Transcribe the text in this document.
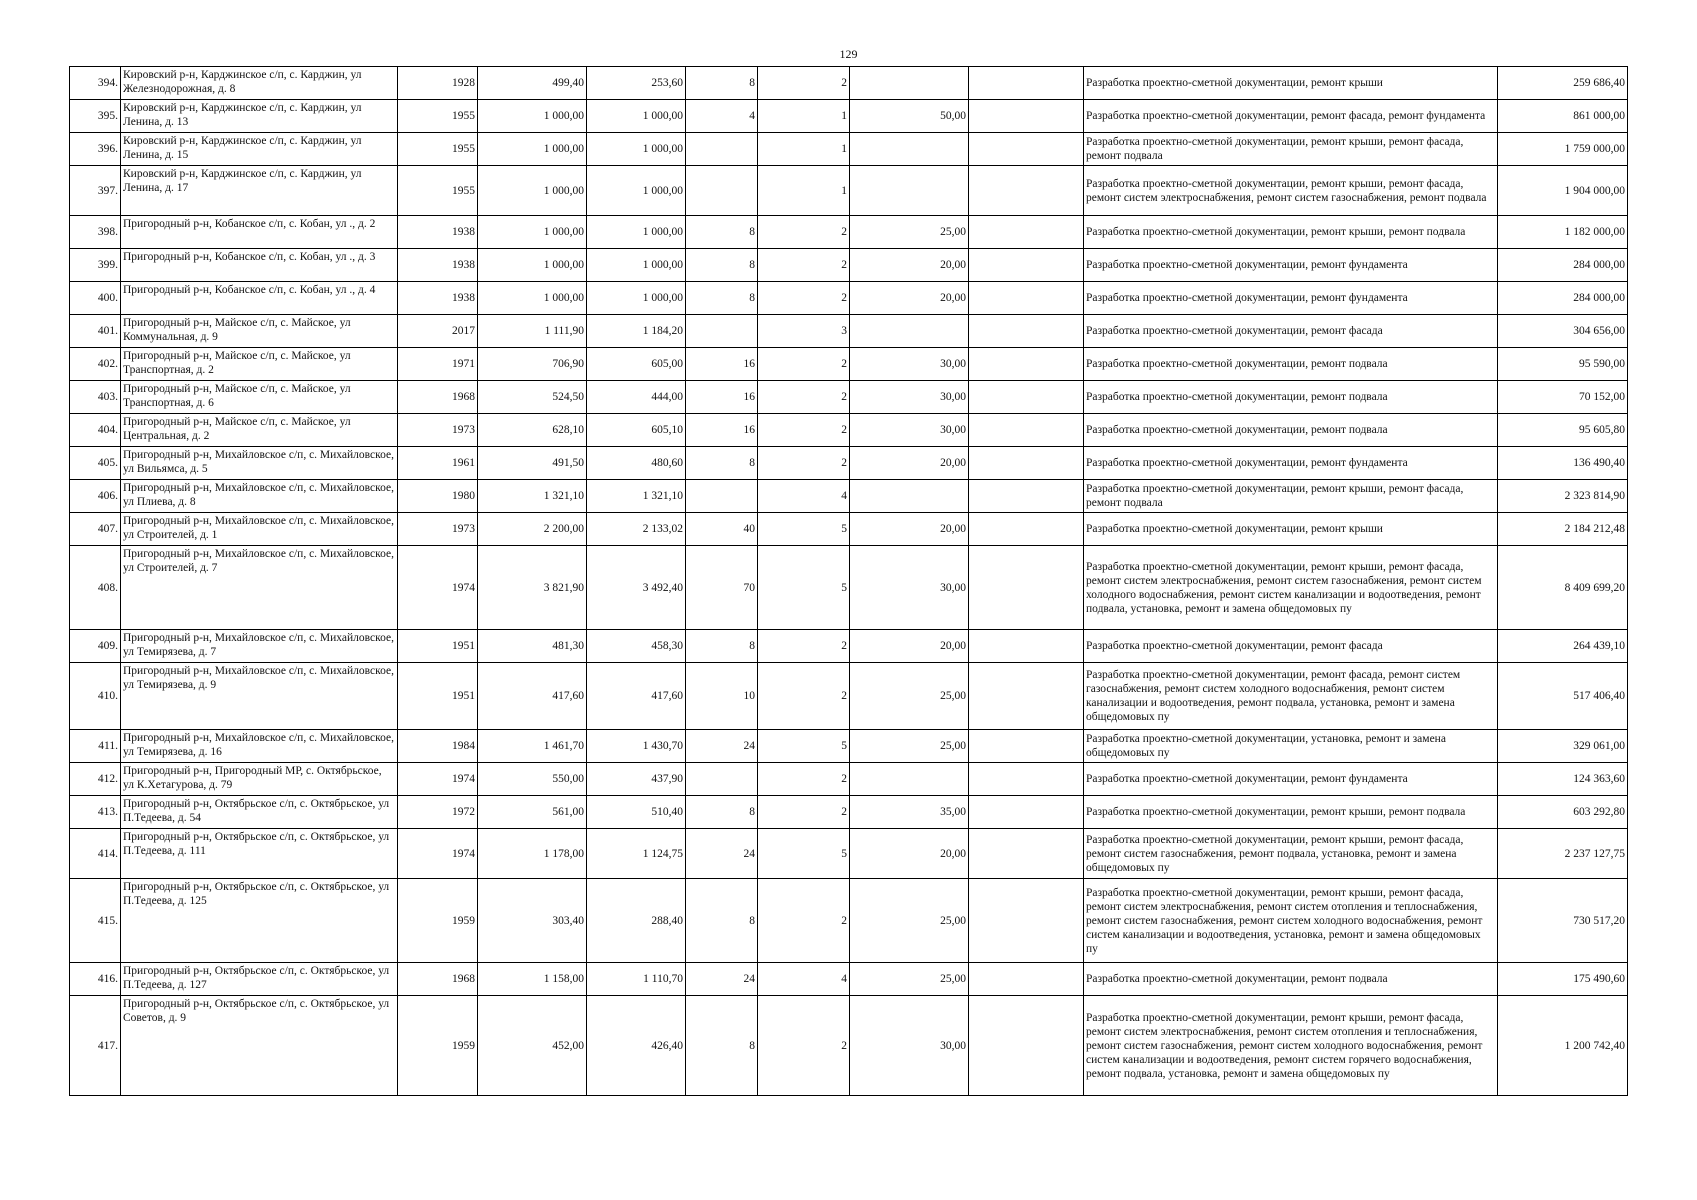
129
394.	Кировский р-н, Карджинское с/п, с. Карджин, ул Железнодорожная, д. 8	1928	499,40	253,60	8	2			Разработка проектно-сметной документации, ремонт крыши	259 686,40
395.	Кировский р-н, Карджинское с/п, с. Карджин, ул Ленина, д. 13	1955	1 000,00	1 000,00	4	1	50,00		Разработка проектно-сметной документации, ремонт фасада, ремонт фундамента	861 000,00
396.	Кировский р-н, Карджинское с/п, с. Карджин, ул Ленина, д. 15	1955	1 000,00	1 000,00		1			Разработка проектно-сметной документации, ремонт крыши, ремонт фасада, ремонт подвала	1 759 000,00
397.	Кировский р-н, Карджинское с/п, с. Карджин, ул Ленина, д. 17	1955	1 000,00	1 000,00		1			Разработка проектно-сметной документации, ремонт крыши, ремонт фасада, ремонт систем электроснабжения, ремонт систем газоснабжения, ремонт подвала	1 904 000,00
398.	Пригородный р-н, Кобанское с/п, с. Кобан, ул ., д. 2	1938	1 000,00	1 000,00	8	2	25,00		Разработка проектно-сметной документации, ремонт крыши, ремонт подвала	1 182 000,00
399.	Пригородный р-н, Кобанское с/п, с. Кобан, ул ., д. 3	1938	1 000,00	1 000,00	8	2	20,00		Разработка проектно-сметной документации, ремонт фундамента	284 000,00
400.	Пригородный р-н, Кобанское с/п, с. Кобан, ул ., д. 4	1938	1 000,00	1 000,00	8	2	20,00		Разработка проектно-сметной документации, ремонт фундамента	284 000,00
401.	Пригородный р-н, Майское с/п, с. Майское, ул Коммунальная, д. 9	2017	1 111,90	1 184,20		3			Разработка проектно-сметной документации, ремонт фасада	304 656,00
402.	Пригородный р-н, Майское с/п, с. Майское, ул Транспортная, д. 2	1971	706,90	605,00	16	2	30,00		Разработка проектно-сметной документации, ремонт подвала	95 590,00
403.	Пригородный р-н, Майское с/п, с. Майское, ул Транспортная, д. 6	1968	524,50	444,00	16	2	30,00		Разработка проектно-сметной документации, ремонт подвала	70 152,00
404.	Пригородный р-н, Майское с/п, с. Майское, ул Центральная, д. 2	1973	628,10	605,10	16	2	30,00		Разработка проектно-сметной документации, ремонт подвала	95 605,80
405.	Пригородный р-н, Михайловское с/п, с. Михайловское, ул Вильямса, д. 5	1961	491,50	480,60	8	2	20,00		Разработка проектно-сметной документации, ремонт фундамента	136 490,40
406.	Пригородный р-н, Михайловское с/п, с. Михайловское, ул Плиева, д. 8	1980	1 321,10	1 321,10		4			Разработка проектно-сметной документации, ремонт крыши, ремонт фасада, ремонт подвала	2 323 814,90
407.	Пригородный р-н, Михайловское с/п, с. Михайловское, ул Строителей, д. 1	1973	2 200,00	2 133,02	40	5	20,00		Разработка проектно-сметной документации, ремонт крыши	2 184 212,48
408.	Пригородный р-н, Михайловское с/п, с. Михайловское, ул Строителей, д. 7	1974	3 821,90	3 492,40	70	5	30,00		Разработка проектно-сметной документации, ремонт крыши, ремонт фасада, ремонт систем электроснабжения, ремонт систем газоснабжения, ремонт систем холодного водоснабжения, ремонт систем канализации и водоотведения, ремонт подвала, установка, ремонт и замена общедомовых пу	8 409 699,20
409.	Пригородный р-н, Михайловское с/п, с. Михайловское, ул Темирязева, д. 7	1951	481,30	458,30	8	2	20,00		Разработка проектно-сметной документации, ремонт фасада	264 439,10
410.	Пригородный р-н, Михайловское с/п, с. Михайловское, ул Темирязева, д. 9	1951	417,60	417,60	10	2	25,00		Разработка проектно-сметной документации, ремонт фасада, ремонт систем газоснабжения, ремонт систем холодного водоснабжения, ремонт систем канализации и водоотведения, ремонт подвала, установка, ремонт и замена общедомовых пу	517 406,40
411.	Пригородный р-н, Михайловское с/п, с. Михайловское, ул Темирязева, д. 16	1984	1 461,70	1 430,70	24	5	25,00		Разработка проектно-сметной документации, установка, ремонт и замена общедомовых пу	329 061,00
412.	Пригородный р-н, Пригородный МР, с. Октябрьское, ул К.Хетагурова, д. 79	1974	550,00	437,90		2			Разработка проектно-сметной документации, ремонт фундамента	124 363,60
413.	Пригородный р-н, Октябрьское с/п, с. Октябрьское, ул П.Тедеева, д. 54	1972	561,00	510,40	8	2	35,00		Разработка проектно-сметной документации, ремонт крыши, ремонт подвала	603 292,80
414.	Пригородный р-н, Октябрьское с/п, с. Октябрьское, ул П.Тедеева, д. 111	1974	1 178,00	1 124,75	24	5	20,00		Разработка проектно-сметной документации, ремонт крыши, ремонт фасада, ремонт систем газоснабжения, ремонт подвала, установка, ремонт и замена общедомовых пу	2 237 127,75
415.	Пригородный р-н, Октябрьское с/п, с. Октябрьское, ул П.Тедеева, д. 125	1959	303,40	288,40	8	2	25,00		Разработка проектно-сметной документации, ремонт крыши, ремонт фасада, ремонт систем электроснабжения, ремонт систем отопления и теплоснабжения, ремонт систем газоснабжения, ремонт систем холодного водоснабжения, ремонт систем канализации и водоотведения, установка, ремонт и замена общедомовых пу	730 517,20
416.	Пригородный р-н, Октябрьское с/п, с. Октябрьское, ул П.Тедеева, д. 127	1968	1 158,00	1 110,70	24	4	25,00		Разработка проектно-сметной документации, ремонт подвала	175 490,60
417.	Пригородный р-н, Октябрьское с/п, с. Октябрьское, ул Советов, д. 9	1959	452,00	426,40	8	2	30,00		Разработка проектно-сметной документации, ремонт крыши, ремонт фасада, ремонт систем электроснабжения, ремонт систем отопления и теплоснабжения, ремонт систем газоснабжения, ремонт систем холодного водоснабжения, ремонт систем канализации и водоотведения, ремонт систем горячего водоснабжения, ремонт подвала, установка, ремонт и замена общедомовых пу	1 200 742,40
